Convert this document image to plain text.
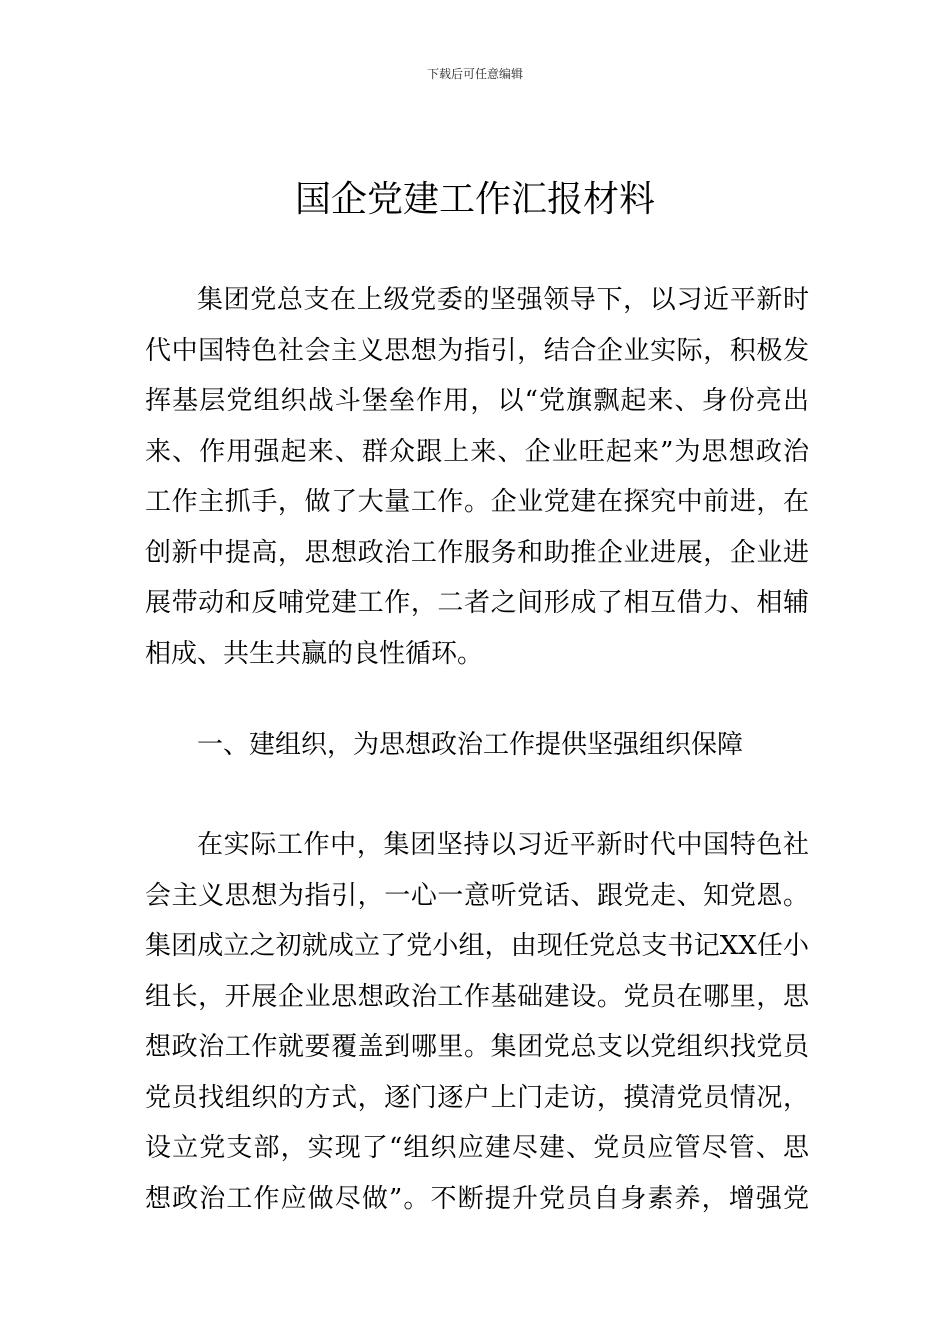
下载后可任意编辑
国企党建工作汇报材料
集团党总支在上级党委的坚强领导下，以习近平新时
代中国特色社会主义思想为指引，结合企业实际，积极发
挥基层党组织战斗堡垒作用，以“党旗飘起来、身份亮出
来、作用强起来、群众跟上来、企业旺起来”为思想政治
工作主抓手，做了大量工作。企业党建在探究中前进，在
创新中提高，思想政治工作服务和助推企业进展，企业进
展带动和反哺党建工作，二者之间形成了相互借力、相辅
相成、共生共赢的良性循环。
一、建组织，为思想政治工作提供坚强组织保障
在实际工作中，集团坚持以习近平新时代中国特色社
会主义思想为指引，一心一意听党话、跟党走、知党恩。
集团成立之初就成立了党小组，由现任党总支书记XX任小
组长，开展企业思想政治工作基础建设。党员在哪里，思
想政治工作就要覆盖到哪里。集团党总支以党组织找党员
党员找组织的方式，逐门逐户上门走访，摸清党员情况，
设立党支部，实现了“组织应建尽建、党员应管尽管、思
想政治工作应做尽做”。不断提升党员自身素养，增强党
